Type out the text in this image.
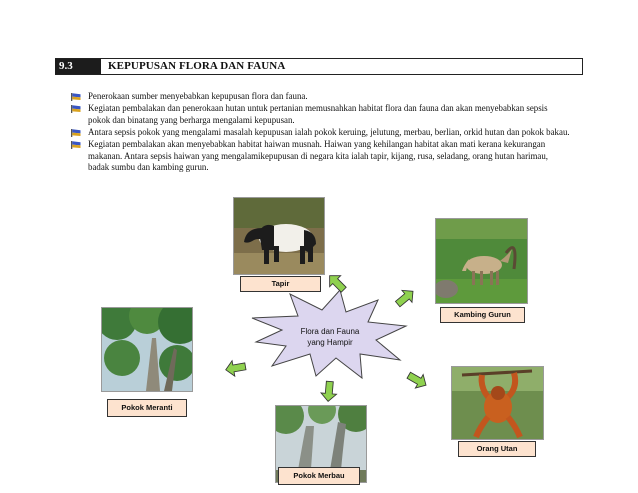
9.3	KEPUPUSAN FLORA DAN FAUNA

Penerokaan sumber menyebabkan kepupusan flora dan fauna.

Kegiatan pembalakan dan penerokaan hutan untuk pertanian memusnahkan habitat flora dan fauna dan akan menyebabkan sepsis pokok dan binatang yang berharga mengalami kepupusan.

Antara sepsis pokok yang mengalami masalah kepupusan ialah pokok keruing, jelutung, merbau, berlian, orkid hutan dan pokok bakau.

Kegiatan pembalakan akan menyebabkan habitat haiwan musnah. Haiwan yang kehilangan habitat akan mati kerana kekurangan makanan. Antara sepsis haiwan yang mengalamikepupusan di negara kita ialah tapir, kijang, rusa, seladang, orang hutan harimau, badak sumbu dan kambing gurun.

Tapir
Kambing Gurun
Pokok Meranti
Pokok Merbau
Orang Utan
Flora dan Fauna
yang Hampir
